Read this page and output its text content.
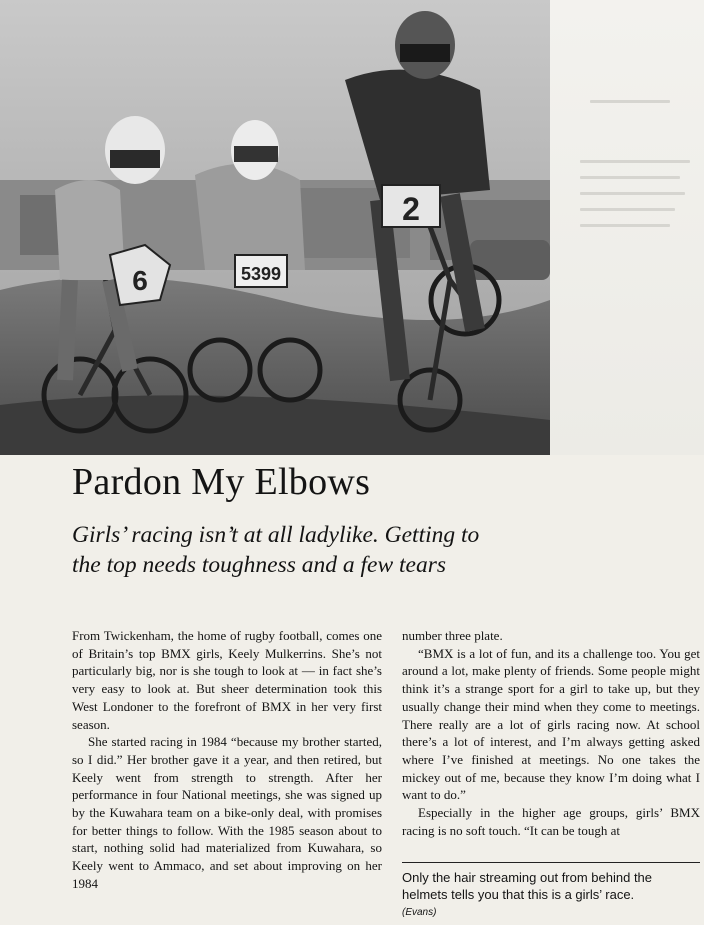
6	5399
2
Pardon My Elbows

Girls’ racing isn’t at all ladylike. Getting to
the top needs toughness and a few tears

From Twickenham, the home of rugby football, comes one of Britain’s top BMX girls, Keely Mulkerrins. She’s not particularly big, nor is she tough to look at — in fact she’s very easy to look at. But sheer determination took this West Londoner to the forefront of BMX in her very first season.

She started racing in 1984 “because my brother started, so I did.” Her brother gave it a year, and then retired, but Keely went from strength to strength. After her performance in four National meetings, she was signed up by the Kuwahara team on a bike-only deal, with promises for better things to follow. With the 1985 season about to start, nothing solid had materialized from Kuwahara, so Keely went to Ammaco, and set about improving on her 1984

number three plate.

“BMX is a lot of fun, and its a challenge too. You get around a lot, make plenty of friends. Some people might think it’s a strange sport for a girl to take up, but they usually change their mind when they come to meetings. There really are a lot of girls racing now. At school there’s a lot of interest, and I’m always getting asked where I’ve finished at meetings. No one takes the mickey out of me, because they know I’m doing what I want to do.”

Especially in the higher age groups, girls’ BMX racing is no soft touch. “It can be tough at

Only the hair streaming out from behind the
helmets tells you that this is a girls’ race.

(Evans)
